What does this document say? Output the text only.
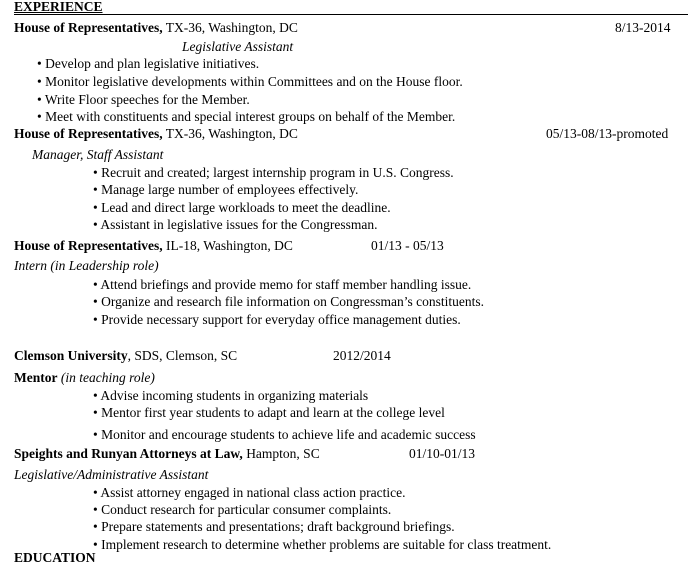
EXPERIENCE
House of Representatives, TX-36, Washington, DC	8/13-2014
Legislative Assistant
• Develop and plan legislative initiatives.
• Monitor legislative developments within Committees and on the House floor.
• Write Floor speeches for the Member.
• Meet with constituents and special interest groups on behalf of the Member.
House of Representatives, TX-36, Washington, DC	05/13-08/13-promoted
Manager, Staff Assistant
• Recruit and created; largest internship program in U.S. Congress.
• Manage large number of employees effectively.
• Lead and direct large workloads to meet the deadline.
• Assistant in legislative issues for the Congressman.
House of Representatives, IL-18, Washington, DC	01/13 - 05/13
Intern (in Leadership role)
• Attend briefings and provide memo for staff member handling issue.
• Organize and research file information on Congressman’s constituents.
• Provide necessary support for everyday office management duties.
Clemson University, SDS, Clemson, SC	2012/2014
Mentor (in teaching role)
• Advise incoming students in organizing materials
• Mentor first year students to adapt and learn at the college level
• Monitor and encourage students to achieve life and academic success
Speights and Runyan Attorneys at Law, Hampton, SC	01/10-01/13
Legislative/Administrative Assistant
• Assist attorney engaged in national class action practice.
• Conduct research for particular consumer complaints.
• Prepare statements and presentations; draft background briefings.
• Implement research to determine whether problems are suitable for class treatment.
EDUCATION
